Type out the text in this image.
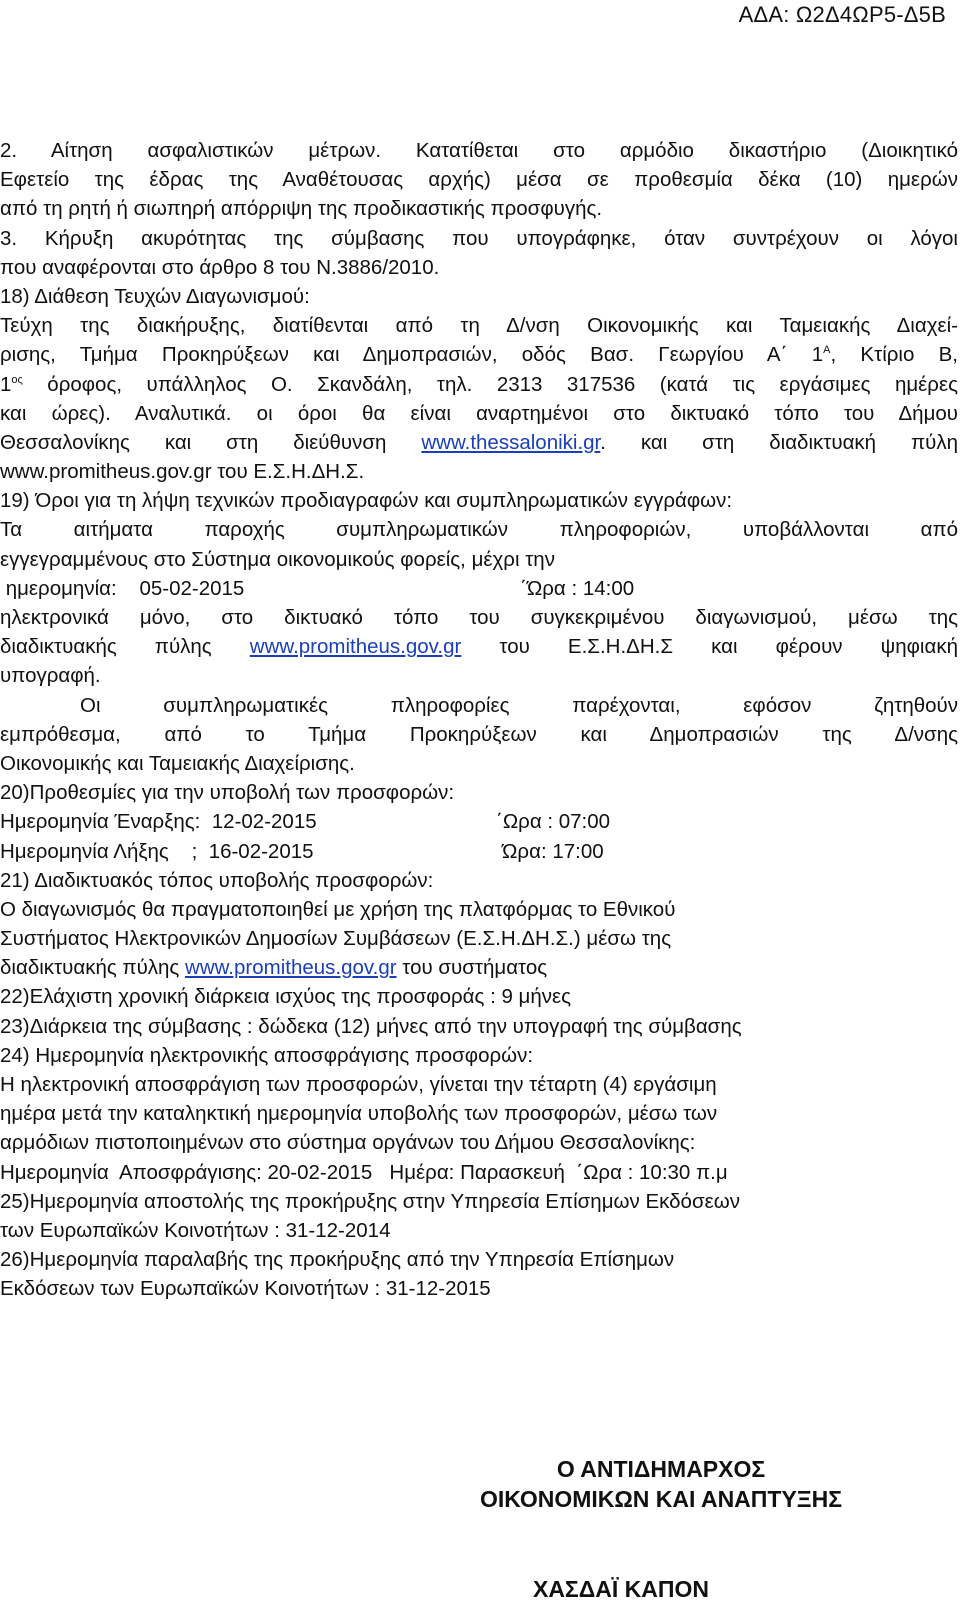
ΑΔΑ: Ω2Δ4ΩΡ5-Δ5Β
2. Αίτηση ασφαλιστικών μέτρων. Κατατίθεται στο αρμόδιο δικαστήριο (Διοικητικό
Εφετείο της έδρας της Αναθέτουσας αρχής) μέσα σε προθεσμία δέκα (10) ημερών
από τη ρητή ή σιωπηρή απόρριψη της προδικαστικής προσφυγής.
3. Κήρυξη ακυρότητας της σύμβασης που υπογράφηκε, όταν συντρέχουν οι λόγοι
που αναφέρονται στο άρθρο 8 του Ν.3886/2010.
18) Διάθεση Τευχών Διαγωνισμού:
Τεύχη της διακήρυξης, διατίθενται από τη Δ/νση Οικονομικής και Ταμειακής Διαχεί-
ρισης, Τμήμα Προκηρύξεων και Δημοπρασιών, οδός Βασ. Γεωργίου Α΄ $1^A$, Κτίριο Β,
$1^{o\varsigma}$ όροφος, υπάλληλος Ο. Σκανδάλη, τηλ. 2313 317536 (κατά τις εργάσιμες ημέρες
και ώρες). Αναλυτικά. οι όροι θα είναι αναρτημένοι στο δικτυακό τόπο του Δήμου
Θεσσαλονίκης και στη διεύθυνση www.thessaloniki.gr. και στη διαδικτυακή πύλη
www.promitheus.gov.gr του Ε.Σ.Η.ΔΗ.Σ.
19) Όροι για τη λήψη τεχνικών προδιαγραφών και συμπληρωματικών εγγράφων:
Τα αιτήματα παροχής συμπληρωματικών πληροφοριών, υποβάλλονται από
εγγεγραμμένους στο Σύστημα οικονομικούς φορείς, μέχρι την
ημερομηνία:    05-02-2015	΄Ώρα : 14:00
ηλεκτρονικά μόνο, στο δικτυακό τόπο του συγκεκριμένου διαγωνισμού, μέσω της
διαδικτυακής πύλης www.promitheus.gov.gr του Ε.Σ.Η.ΔΗ.Σ και φέρουν ψηφιακή
υπογραφή.
Οι συμπληρωματικές πληροφορίες παρέχονται, εφόσον ζητηθούν
εμπρόθεσμα, από το Τμήμα Προκηρύξεων και Δημοπρασιών της Δ/νσης
Οικονομικής και Ταμειακής Διαχείρισης.
20)Προθεσμίες για την υποβολή των προσφορών:
Ημερομηνία Έναρξης:  12-02-2015	΄Ωρα : 07:00
Ημερομηνία Λήξης    ;  16-02-2015	Ώρα: 17:00
21) Διαδικτυακός τόπος υποβολής προσφορών:
Ο διαγωνισμός θα πραγματοποιηθεί με χρήση της πλατφόρμας το Εθνικού
Συστήματος Ηλεκτρονικών Δημοσίων Συμβάσεων (Ε.Σ.Η.ΔΗ.Σ.) μέσω της
διαδικτυακής πύλης www.promitheus.gov.gr του συστήματος
22)Ελάχιστη χρονική διάρκεια ισχύος της προσφοράς : 9 μήνες
23)Διάρκεια της σύμβασης : δώδεκα (12) μήνες από την υπογραφή της σύμβασης
24) Ημερομηνία ηλεκτρονικής αποσφράγισης προσφορών:
Η ηλεκτρονική αποσφράγιση των προσφορών, γίνεται την τέταρτη (4) εργάσιμη
ημέρα μετά την καταληκτική ημερομηνία υποβολής των προσφορών, μέσω των
αρμόδιων πιστοποιημένων στο σύστημα οργάνων του Δήμου Θεσσαλονίκης:
Ημερομηνία  Αποσφράγισης: 20-02-2015   Ημέρα: Παρασκευή  ΄Ωρα : 10:30 π.μ
25)Ημερομηνία αποστολής της προκήρυξης στην Υπηρεσία Επίσημων Εκδόσεων
των Ευρωπαϊκών Κοινοτήτων : 31-12-2014
26)Ημερομηνία παραλαβής της προκήρυξης από την Υπηρεσία Επίσημων
Εκδόσεων των Ευρωπαϊκών Κοινοτήτων : 31-12-2015
Ο ΑΝΤΙΔΗΜΑΡΧΟΣ
ΟΙΚΟΝΟΜΙΚΩΝ ΚΑΙ ΑΝΑΠΤΥΞΗΣ
ΧΑΣΔΑΪ ΚΑΠΟΝ
